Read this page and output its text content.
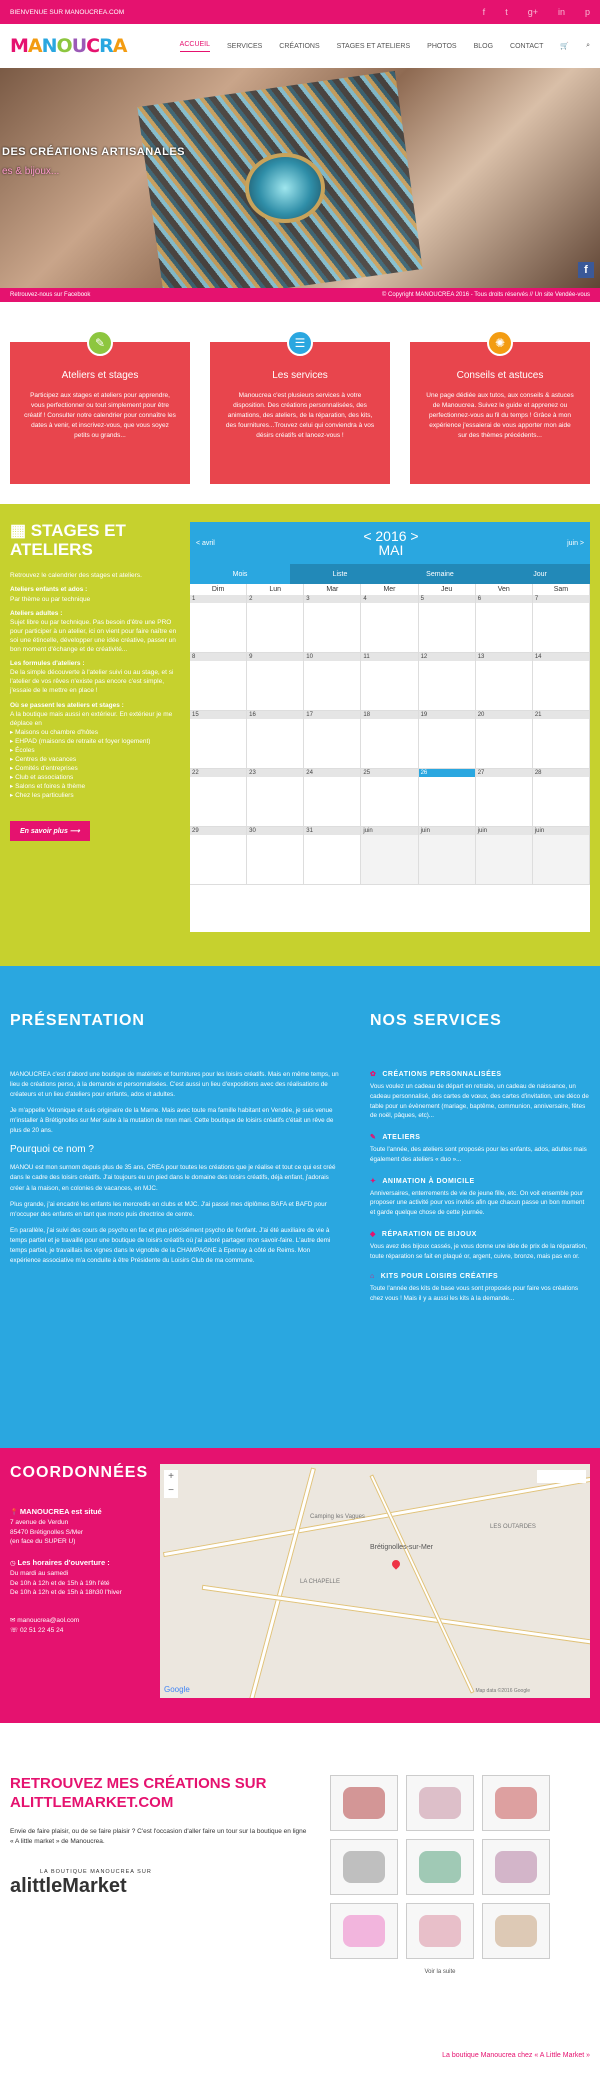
BIENVENUE SUR MANOUCREA.COM	f t g+ in p
MANOUCRA	ACCUEIL SERVICES CRÉATIONS STAGES ET ATELIERS PHOTOS BLOG CONTACT 🛒 ⌕
DES CRÉATIONS ARTISANALES
es & bijoux...
f
Retrouvez-nous sur Facebook	© Copyright MANOUCREA 2016 - Tous droits réservés // Un site Vendée-vous
✎
Ateliers et stages

Participez aux stages et ateliers pour apprendre, vous perfectionner ou tout simplement pour être créatif ! Consulter notre calendrier pour connaître les dates à venir, et inscrivez-vous, que vous soyez petits ou grands...

☰
Les services

Manoucrea c'est plusieurs services à votre disposition. Des créations personnalisées, des animations, des ateliers, de la réparation, des kits, des fournitures...Trouvez celui qui conviendra à vos désirs créatifs et lancez-vous !

✺
Conseils et astuces

Une page dédiée aux tutos, aux conseils & astuces de Manoucrea. Suivez le guide et apprenez ou perfectionnez-vous au fil du temps ! Grâce à mon expérience j'essaierai de vous apporter mon aide sur des thèmes précédents...

▦ STAGES ET ATELIERS
Retrouvez le calendrier des stages et ateliers.
Ateliers enfants et ados :
Par thème ou par technique
Ateliers adultes :
Sujet libre ou par technique. Pas besoin d'être une PRO pour participer à un atelier, ici on vient pour faire naître en soi une étincelle, développer une idée créative, passer un bon moment d'échange et de créativité...
Les formules d'ateliers :
De la simple découverte à l'atelier suivi ou au stage, et si l'atelier de vos rêves n'existe pas encore c'est simple, j'essaie de le mettre en place !
Où se passent les ateliers et stages :
A la boutique mais aussi en extérieur. En extérieur je me déplace en
▸ Maisons ou chambre d'hôtes
▸ EHPAD (maisons de retraite et foyer logement)
▸ Écoles
▸ Centres de vacances
▸ Comités d'entreprises
▸ Club et associations
▸ Salons et foires à thème
▸ Chez les particuliers
En savoir plus ⟶
< avril	< 2016 >
MAI	juin >
Mois	Liste	Semaine	Jour
Dim	Lun	Mar	Mer	Jeu	Ven	Sam
1	2	3	4	5	6	7
8	9	10	11	12	13	14
15	16	17	18	19	20	21
22	23	24	25	26	27	28
29	30	31	juin	juin	juin	juin
PRÉSENTATION

MANOUCREA c'est d'abord une boutique de matériels et fournitures pour les loisirs créatifs. Mais en même temps, un lieu de créations perso, à la demande et personnalisées. C'est aussi un lieu d'expositions avec des réalisations de créateurs et un lieu d'ateliers pour enfants, ados et adultes.

Je m'appelle Véronique et suis originaire de la Marne. Mais avec toute ma famille habitant en Vendée, je suis venue m'installer à Brétignolles sur Mer suite à la mutation de mon mari. Cette boutique de loisirs créatifs c'était un rêve de plus de 20 ans.

Pourquoi ce nom ?

MANOU est mon surnom depuis plus de 35 ans, CREA pour toutes les créations que je réalise et tout ce qui est créé dans le cadre des loisirs créatifs. J'ai toujours eu un pied dans le domaine des loisirs créatifs, déjà enfant, j'adorais créer à la maison, en colonies de vacances, en MJC.

Plus grande, j'ai encadré les enfants les mercredis en clubs et MJC. J'ai passé mes diplômes BAFA et BAFD pour m'occuper des enfants en tant que mono puis directrice de centre.

En parallèle, j'ai suivi des cours de psycho en fac et plus précisément psycho de l'enfant. J'ai été auxiliaire de vie à temps partiel et je travaillé pour une boutique de loisirs créatifs où j'ai adoré partager mon savoir-faire. L'autre demi temps partiel, je travaillais les vignes dans le vignoble de la CHAMPAGNE à Epernay à côté de Reims. Mon expérience associative m'a conduite à être Présidente du Loisirs Club de ma commune.

NOS SERVICES
✿ CRÉATIONS PERSONNALISÉES
Vous voulez un cadeau de départ en retraite, un cadeau de naissance, un cadeau personnalisé, des cartes de vœux, des cartes d'invitation, une déco de table pour un évènement (mariage, baptême, communion, anniversaire, fêtes de noël, pâques, etc)...
✎ ATELIERS
Toute l'année, des ateliers sont proposés pour les enfants, ados, adultes mais également des ateliers « duo »...
✦ ANIMATION À DOMICILE
Anniversaires, enterrements de vie de jeune fille, etc. On voit ensemble pour proposer une activité pour vos invités afin que chacun passe un bon moment et garde quelque chose de cette journée.
◆ RÉPARATION DE BIJOUX
Vous avez des bijoux cassés, je vous donne une idée de prix de la réparation, toute réparation se fait en plaqué or, argent, cuivre, bronze, mais pas en or.
⌂ KITS POUR LOISIRS CRÉATIFS
Toute l'année des kits de base vous sont proposés pour faire vos créations chez vous ! Mais il y a aussi les kits à la demande...
COORDONNÉES

📍 MANOUCREA est situé

7 avenue de Verdun

85470 Brétignolles S/Mer

(en face du SUPER U)

◷ Les horaires d'ouverture :

Du mardi au samedi

De 10h à 12h et de 15h à 19h l'été

De 10h à 12h et de 15h à 18h30 l'hiver

✉ manoucrea@aol.com

☏ 02 51 22 45 24

+
−
Map | Satellite
Camping les Vagues
Brétignolles-sur-Mer
LES OUTARDES
LA CHAPELLE
Google	Map data ©2016 Google
RETROUVEZ MES CRÉATIONS SUR ALITTLEMARKET.COM

Envie de faire plaisir, ou de se faire plaisir ? C'est l'occasion d'aller faire un tour sur la boutique en ligne « A little market » de Manoucrea.

LA BOUTIQUE MANOUCREA SUR
alittleMarket
Voir la suite
La boutique Manoucrea chez « A Little Market »
